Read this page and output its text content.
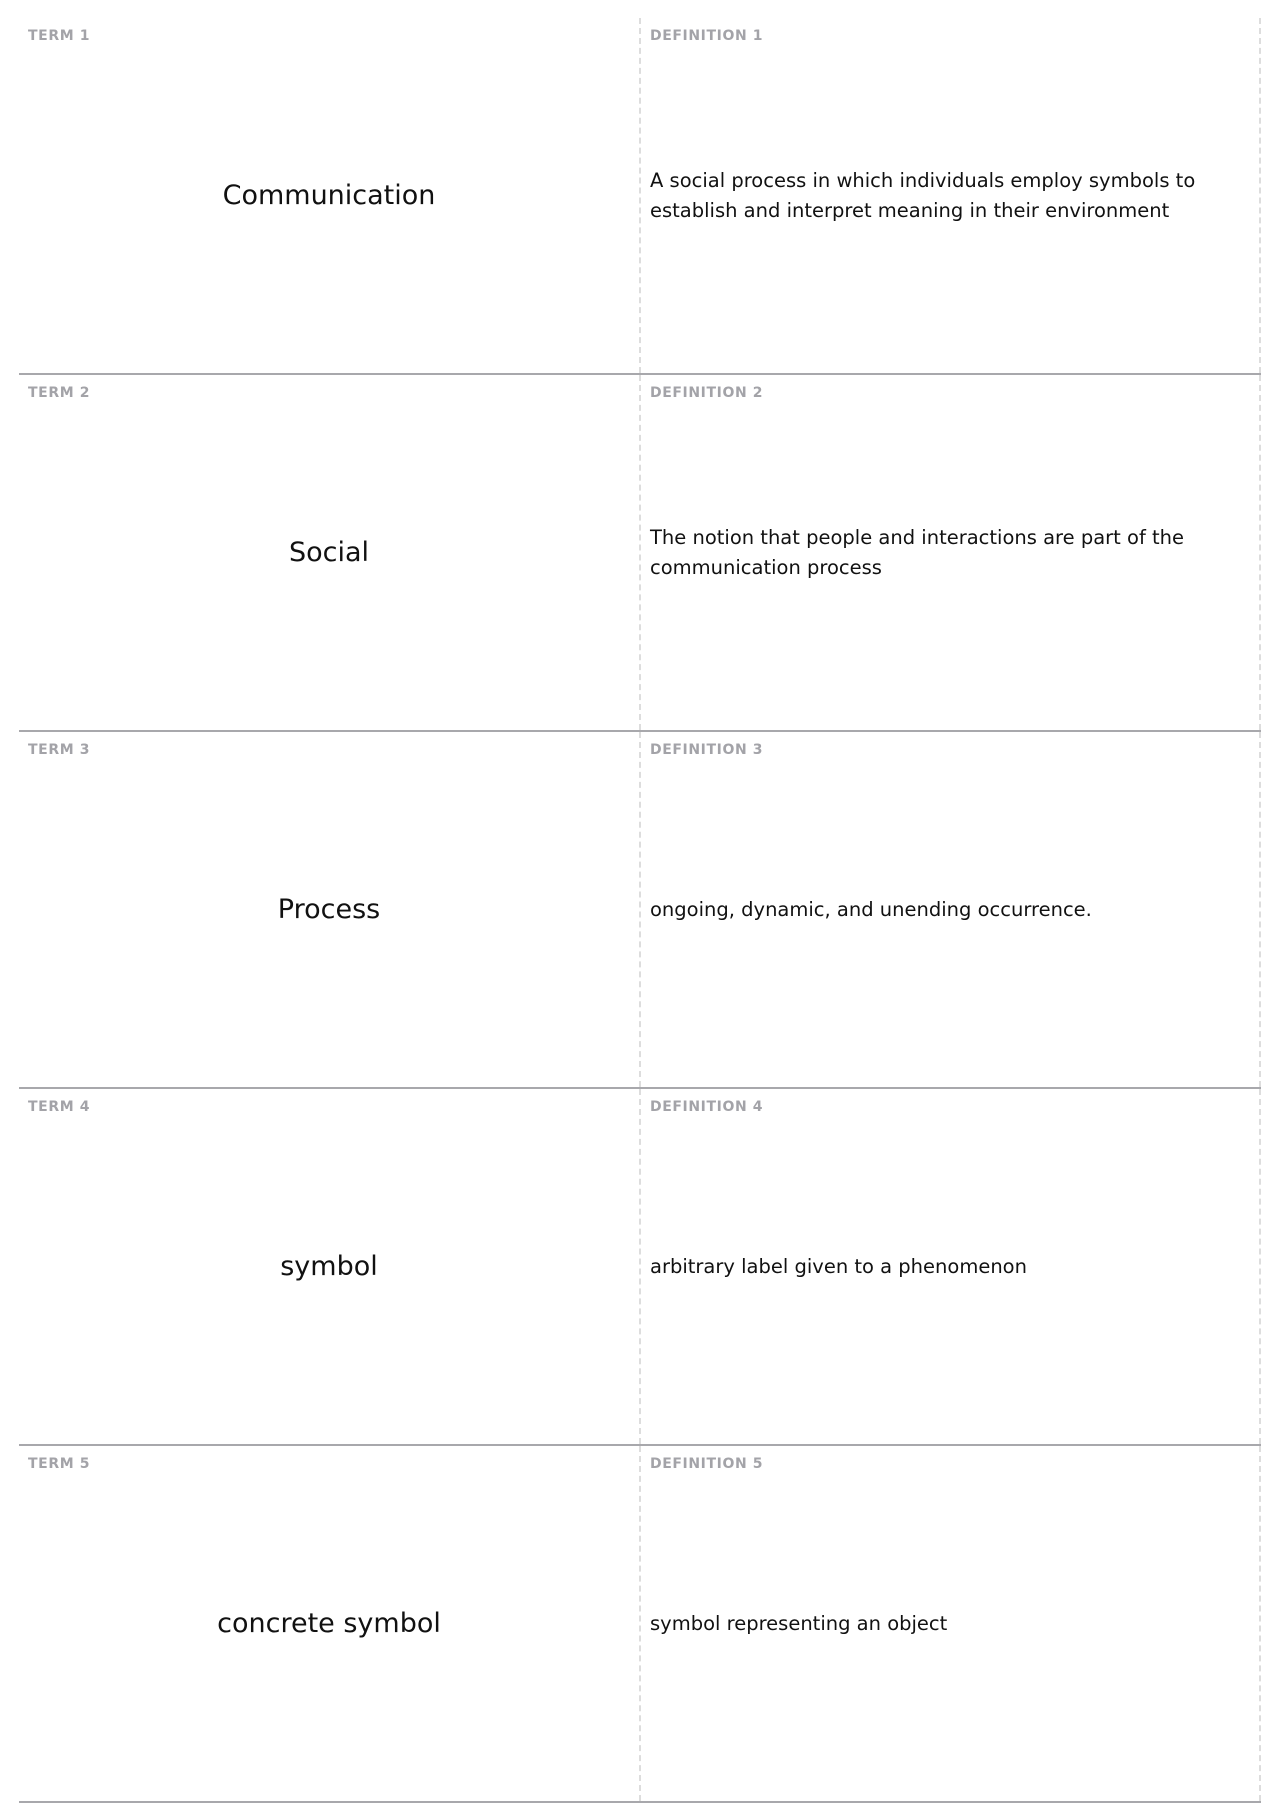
TERM 1
Communication
DEFINITION 1
A social process in which individuals employ symbols to establish and interpret meaning in their environment
TERM 2
Social
DEFINITION 2
The notion that people and interactions are part of the communication process
TERM 3
Process
DEFINITION 3
ongoing, dynamic, and unending occurrence.
TERM 4
symbol
DEFINITION 4
arbitrary label given to a phenomenon
TERM 5
concrete symbol
DEFINITION 5
symbol representing an object
